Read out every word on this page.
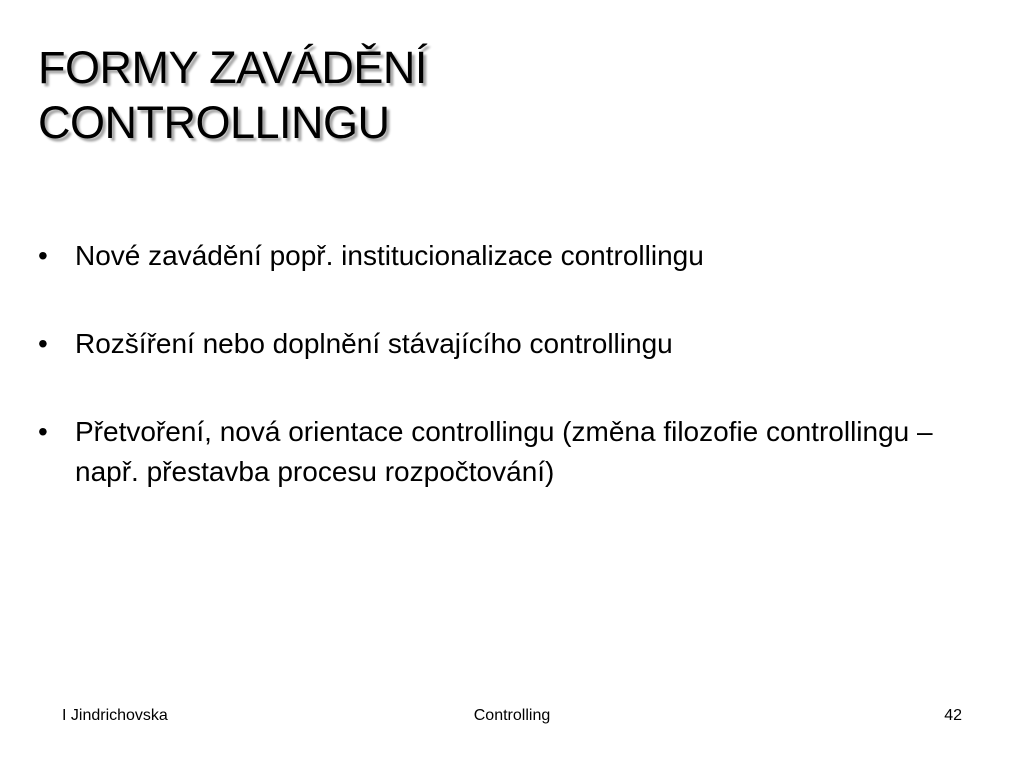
FORMY ZAVÁDĚNÍ
CONTROLLINGU
• Nové zavádění popř. institucionalizace controllingu
• Rozšíření nebo doplnění stávajícího controllingu
• Přetvoření, nová orientace controllingu (změna filozofie controllingu – např. přestavba procesu rozpočtování)
I Jindrichovska	Controlling	42
